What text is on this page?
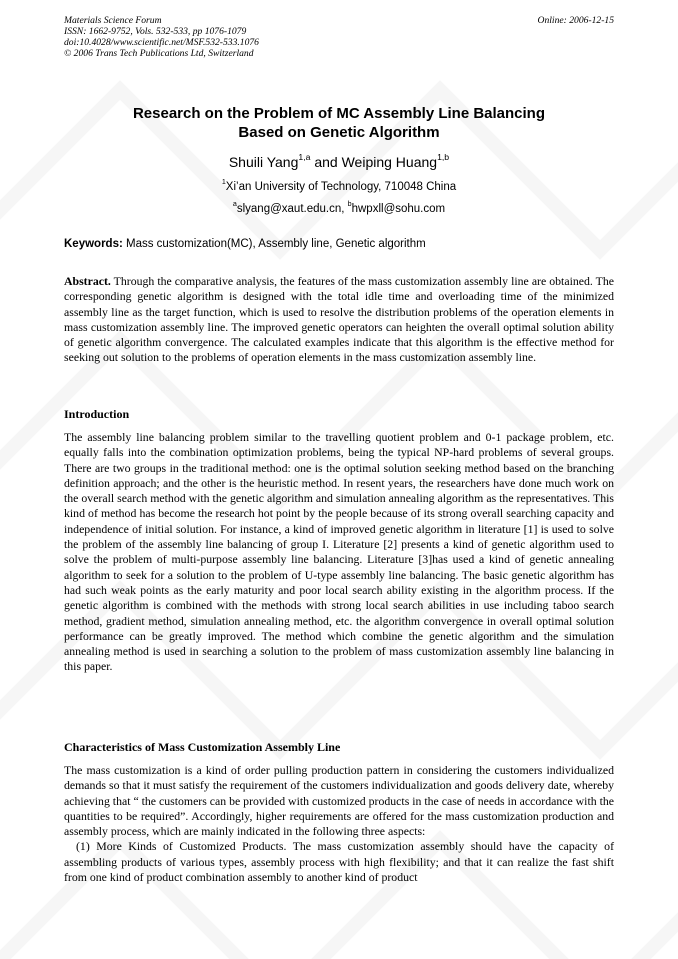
Materials Science Forum
ISSN: 1662-9752, Vols. 532-533, pp 1076-1079
doi:10.4028/www.scientific.net/MSF.532-533.1076
© 2006 Trans Tech Publications Ltd, Switzerland
Online: 2006-12-15
Research on the Problem of MC Assembly Line Balancing
Based on Genetic Algorithm
Shuili Yang$^{1,a}$ and Weiping Huang$^{1,b}$
$^1$Xi’an University of Technology, 710048 China
$^a$slyang@xaut.edu.cn, $^b$hwpxll@sohu.com
Keywords: Mass customization(MC), Assembly line, Genetic algorithm

Abstract. Through the comparative analysis, the features of the mass customization assembly line are obtained. The corresponding genetic algorithm is designed with the total idle time and overloading time of the minimized assembly line as the target function, which is used to resolve the distribution problems of the operation elements in mass customization assembly line. The improved genetic operators can heighten the overall optimal solution ability of genetic algorithm convergence. The calculated examples indicate that this algorithm is the effective method for seeking out solution to the problems of operation elements in the mass customization assembly line.

Introduction

The assembly line balancing problem similar to the travelling quotient problem and 0-1 package problem, etc. equally falls into the combination optimization problems, being the typical NP-hard problems of several groups. There are two groups in the traditional method: one is the optimal solution seeking method based on the branching definition approach; and the other is the heuristic method. In resent years, the researchers have done much work on the overall search method with the genetic algorithm and simulation annealing algorithm as the representatives. This kind of method has become the research hot point by the people because of its strong overall searching capacity and independence of initial solution. For instance, a kind of improved genetic algorithm in literature [1] is used to solve the problem of the assembly line balancing of group I. Literature [2] presents a kind of genetic algorithm used to solve the problem of multi-purpose assembly line balancing. Literature [3]has used a kind of genetic annealing algorithm to seek for a solution to the problem of U-type assembly line balancing. The basic genetic algorithm has had such weak points as the early maturity and poor local search ability existing in the algorithm process. If the genetic algorithm is combined with the methods with strong local search abilities in use including taboo search method, gradient method, simulation annealing method, etc. the algorithm convergence in overall optimal solution performance can be greatly improved. The method which combine the genetic algorithm and the simulation annealing method is used in searching a solution to the problem of mass customization assembly line balancing in this paper.

Characteristics of Mass Customization Assembly Line

The mass customization is a kind of order pulling production pattern in considering the customers individualized demands so that it must satisfy the requirement of the customers individualization and goods delivery date, whereby achieving that “ the customers can be provided with customized products in the case of needs in accordance with the quantities to be required”. Accordingly, higher requirements are offered for the mass customization production and assembly process, which are mainly indicated in the following three aspects:

(1) More Kinds of Customized Products. The mass customization assembly should have the capacity of assembling products of various types, assembly process with high flexibility; and that it can realize the fast shift from one kind of product combination assembly to another kind of product
